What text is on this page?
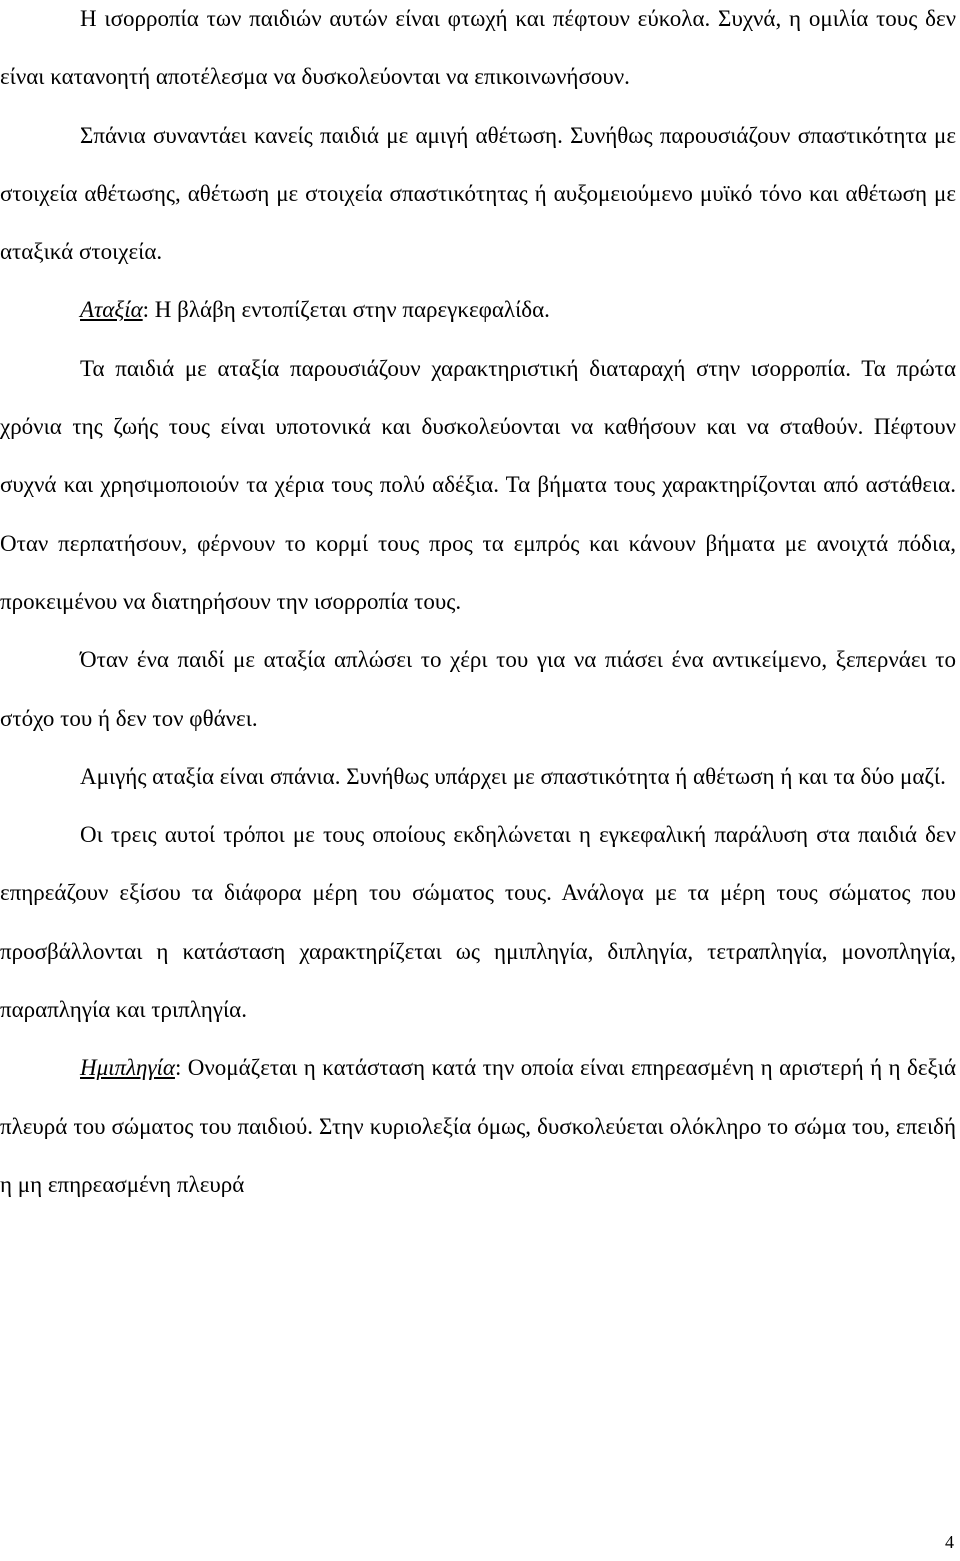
Η ισορροπία των παιδιών αυτών είναι φτωχή και πέφτουν εύκολα. Συχνά, η ομιλία τους δεν είναι κατανοητή αποτέλεσμα να δυσκολεύονται να επικοινωνήσουν.

Σπάνια συναντάει κανείς παιδιά με αμιγή αθέτωση. Συνήθως παρουσιάζουν σπαστικότητα με στοιχεία αθέτωσης, αθέτωση με στοιχεία σπαστικότητας ή αυξομειούμενο μυϊκό τόνο και αθέτωση με αταξικά στοιχεία.

Αταξία: Η βλάβη εντοπίζεται στην παρεγκεφαλίδα.

Τα παιδιά με αταξία παρουσιάζουν χαρακτηριστική διαταραχή στην ισορροπία. Τα πρώτα χρόνια της ζωής τους είναι υποτονικά και δυσκολεύονται να καθήσουν και να σταθούν. Πέφτουν συχνά και χρησιμοποιούν τα χέρια τους πολύ αδέξια. Τα βήματα τους χαρακτηρίζονται από αστάθεια. Οταν περπατήσουν, φέρνουν το κορμί τους προς τα εμπρός και κάνουν βήματα με ανοιχτά πόδια, προκειμένου να διατηρήσουν την ισορροπία τους.

Όταν ένα παιδί με αταξία απλώσει το χέρι του για να πιάσει ένα αντικείμενο, ξεπερνάει το στόχο του ή δεν τον φθάνει.

Αμιγής αταξία είναι σπάνια. Συνήθως υπάρχει με σπαστικότητα ή αθέτωση ή και τα δύο μαζί.

Οι τρεις αυτοί τρόποι με τους οποίους εκδηλώνεται η εγκεφαλική παράλυση στα παιδιά δεν επηρεάζουν εξίσου τα διάφορα μέρη του σώματος τους. Ανάλογα με τα μέρη τους σώματος που προσβάλλονται η κατάσταση χαρακτηρίζεται ως ημιπληγία, διπληγία, τετραπληγία, μονοπληγία, παραπληγία και τριπληγία.

Ημιπληγία: Ονομάζεται η κατάσταση κατά την οποία είναι επηρεασμένη η αριστερή ή η δεξιά πλευρά του σώματος του παιδιού. Στην κυριολεξία όμως, δυσκολεύεται ολόκληρο το σώμα του, επειδή η μη επηρεασμένη πλευρά

4
